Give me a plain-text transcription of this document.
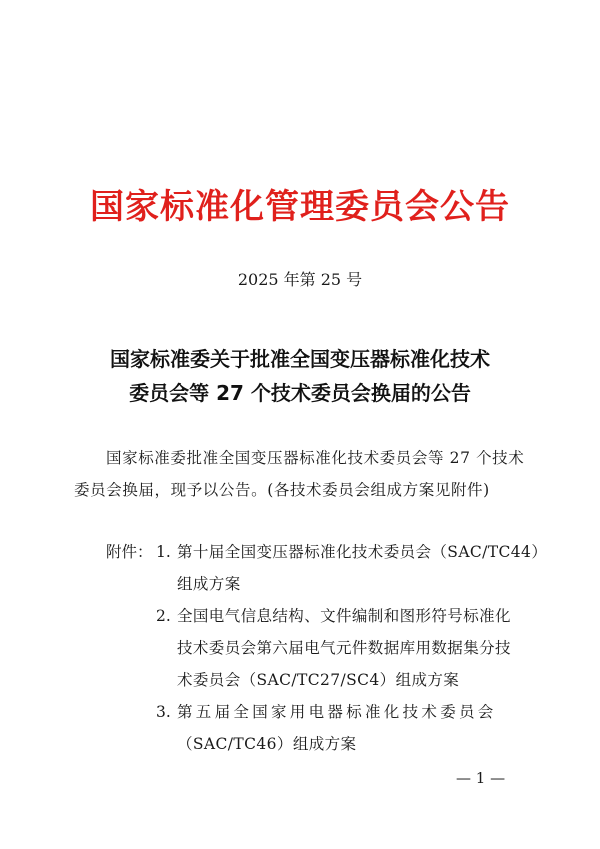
国家标准化管理委员会公告
2025 年第 25 号
国家标准委关于批准全国变压器标准化技术
委员会等 27 个技术委员会换届的公告
国家标准委批准全国变压器标准化技术委员会等 27 个技术
委员会换届，现予以公告。(各技术委员会组成方案见附件)
附件： 1. 第十届全国变压器标准化技术委员会（SAC/TC44）
组成方案
2. 全国电气信息结构、文件编制和图形符号标准化
技术委员会第六届电气元件数据库用数据集分技
术委员会（SAC/TC27/SC4）组成方案
3. 第五届全国家用电器标准化技术委员会
（SAC/TC46）组成方案
— 1 —
